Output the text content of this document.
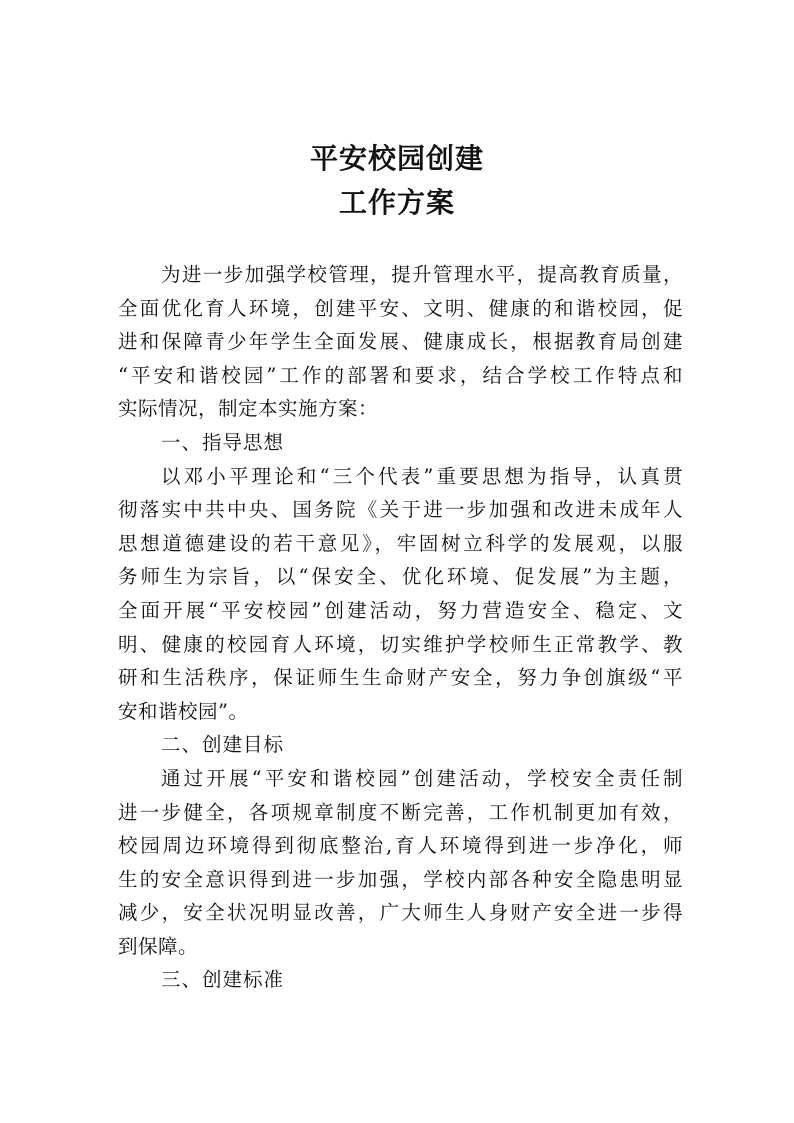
平安校园创建
工作方案
为进一步加强学校管理，提升管理水平，提高教育质量，
全面优化育人环境，创建平安、文明、健康的和谐校园，促
进和保障青少年学生全面发展、健康成长，根据教育局创建
“平安和谐校园”工作的部署和要求，结合学校工作特点和
实际情况，制定本实施方案：
一、指导思想
以邓小平理论和“三个代表”重要思想为指导，认真贯
彻落实中共中央、国务院《关于进一步加强和改进未成年人
思想道德建设的若干意见》，牢固树立科学的发展观，以服
务师生为宗旨，以“保安全、优化环境、促发展”为主题，
全面开展“平安校园”创建活动，努力营造安全、稳定、文
明、健康的校园育人环境，切实维护学校师生正常教学、教
研和生活秩序，保证师生生命财产安全，努力争创旗级“平
安和谐校园”。
二、创建目标
通过开展“平安和谐校园”创建活动，学校安全责任制
进一步健全，各项规章制度不断完善，工作机制更加有效，
校园周边环境得到彻底整治,育人环境得到进一步净化，师
生的安全意识得到进一步加强，学校内部各种安全隐患明显
减少，安全状况明显改善，广大师生人身财产安全进一步得
到保障。
三、创建标准
